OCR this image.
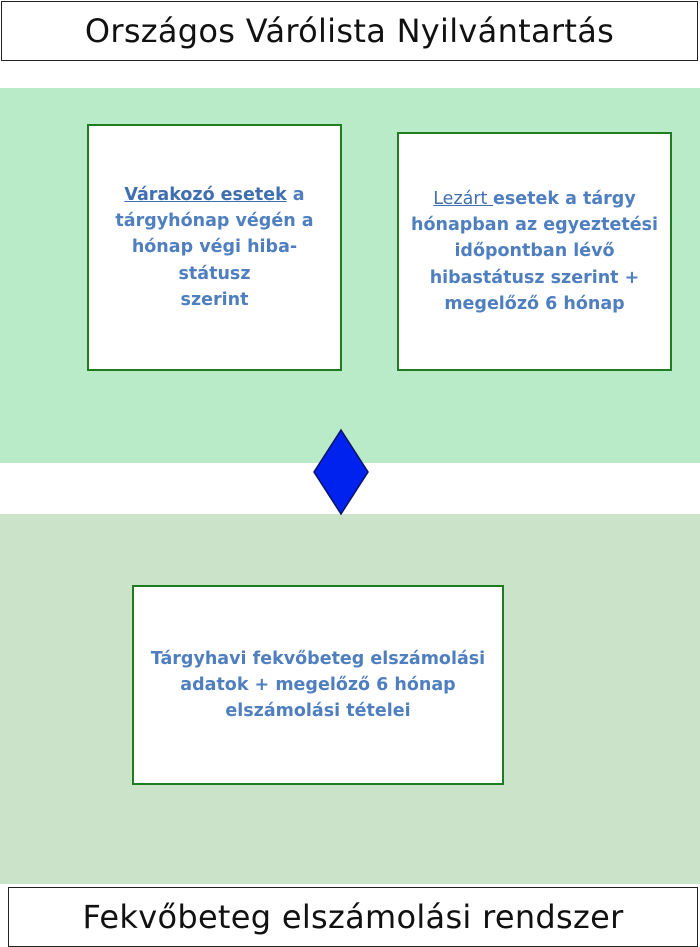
Országos Várólista Nyilvántartás
Várakozó esetek a
tárgyhónap végén a
hónap végi hiba-státusz
szerint
Lezárt esetek a tárgy
hónapban az egyeztetési
időpontban lévő
hibastátusz szerint +
megelőző 6 hónap
Tárgyhavi fekvőbeteg elszámolási
adatok + megelőző 6 hónap
elszámolási tételei
Fekvőbeteg elszámolási rendszer
